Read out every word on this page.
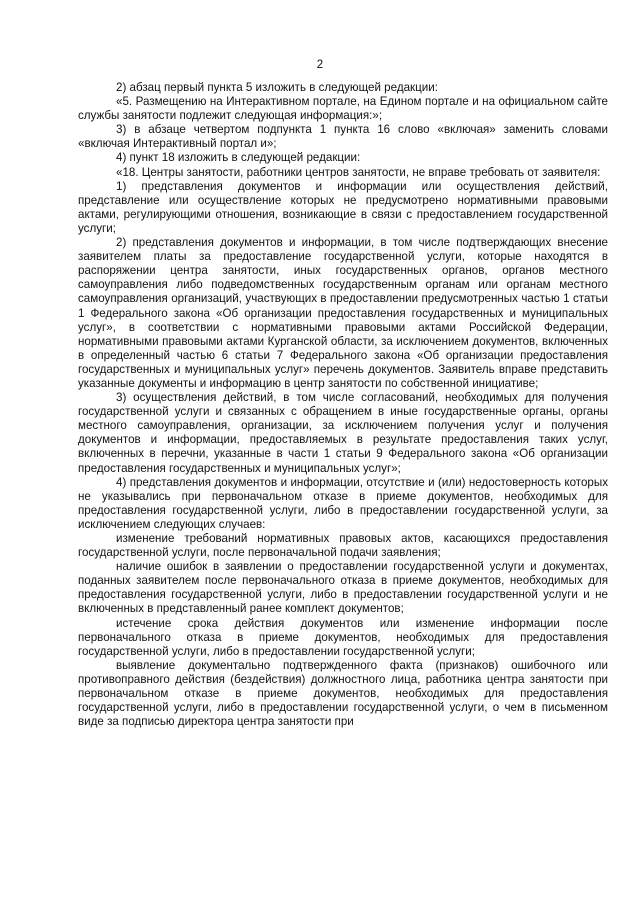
2

2) абзац первый пункта 5 изложить в следующей редакции:

«5. Размещению на Интерактивном портале, на Едином портале и на официальном сайте службы занятости подлежит следующая информация:»;

3) в абзаце четвертом подпункта 1 пункта 16 слово «включая» заменить словами «включая Интерактивный портал и»;

4) пункт 18 изложить в следующей редакции:

«18. Центры занятости, работники центров занятости, не вправе требовать от заявителя:

1) представления документов и информации или осуществления действий, представление или осуществление которых не предусмотрено нормативными правовыми актами, регулирующими отношения, возникающие в связи с предоставлением государственной услуги;

2) представления документов и информации, в том числе подтверждающих внесение заявителем платы за предоставление государственной услуги, которые находятся в распоряжении центра занятости, иных государственных органов, органов местного самоуправления либо подведомственных государственным органам или органам местного самоуправления организаций, участвующих в предоставлении предусмотренных частью 1 статьи 1 Федерального закона «Об организации предоставления государственных и муниципальных услуг», в соответствии с нормативными правовыми актами Российской Федерации, нормативными правовыми актами Курганской области, за исключением документов, включенных в определенный частью 6 статьи 7 Федерального закона «Об организации предоставления государственных и муниципальных услуг» перечень документов. Заявитель вправе представить указанные документы и информацию в центр занятости по собственной инициативе;

3) осуществления действий, в том числе согласований, необходимых для получения государственной услуги и связанных с обращением в иные государственные органы, органы местного самоуправления, организации, за исключением получения услуг и получения документов и информации, предоставляемых в результате предоставления таких услуг, включенных в перечни, указанные в части 1 статьи 9 Федерального закона «Об организации предоставления государственных и муниципальных услуг»;

4) представления документов и информации, отсутствие и (или) недостоверность которых не указывались при первоначальном отказе в приеме документов, необходимых для предоставления государственной услуги, либо в предоставлении государственной услуги, за исключением следующих случаев:

изменение требований нормативных правовых актов, касающихся предоставления государственной услуги, после первоначальной подачи заявления;

наличие ошибок в заявлении о предоставлении государственной услуги и документах, поданных заявителем после первоначального отказа в приеме документов, необходимых для предоставления государственной услуги, либо в предоставлении государственной услуги и не включенных в представленный ранее комплект документов;

истечение срока действия документов или изменение информации после первоначального отказа в приеме документов, необходимых для предоставления государственной услуги, либо в предоставлении государственной услуги;

выявление документально подтвержденного факта (признаков) ошибочного или противоправного действия (бездействия) должностного лица, работника центра занятости при первоначальном отказе в приеме документов, необходимых для предоставления государственной услуги, либо в предоставлении государственной услуги, о чем в письменном виде за подписью директора центра занятости при
